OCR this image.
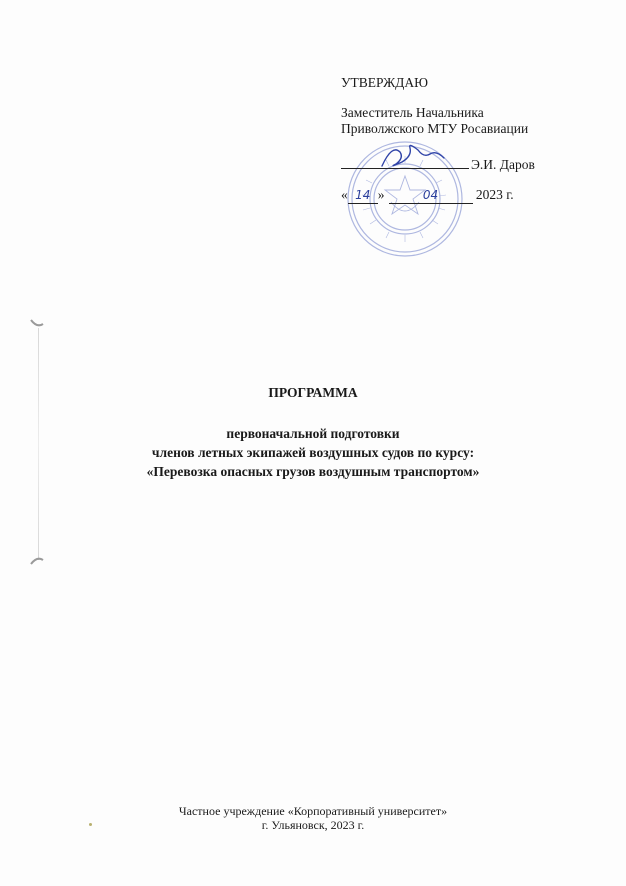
УТВЕРЖДАЮ
Заместитель Начальника
Приволжского МТУ Росавиации
Э.И. Даров
« 14 »	04	2023 г.
ПРОГРАММА
первоначальной подготовки
членов летных экипажей воздушных судов по курсу:
«Перевозка опасных грузов воздушным транспортом»
Частное учреждение «Корпоративный университет»
г. Ульяновск, 2023 г.
